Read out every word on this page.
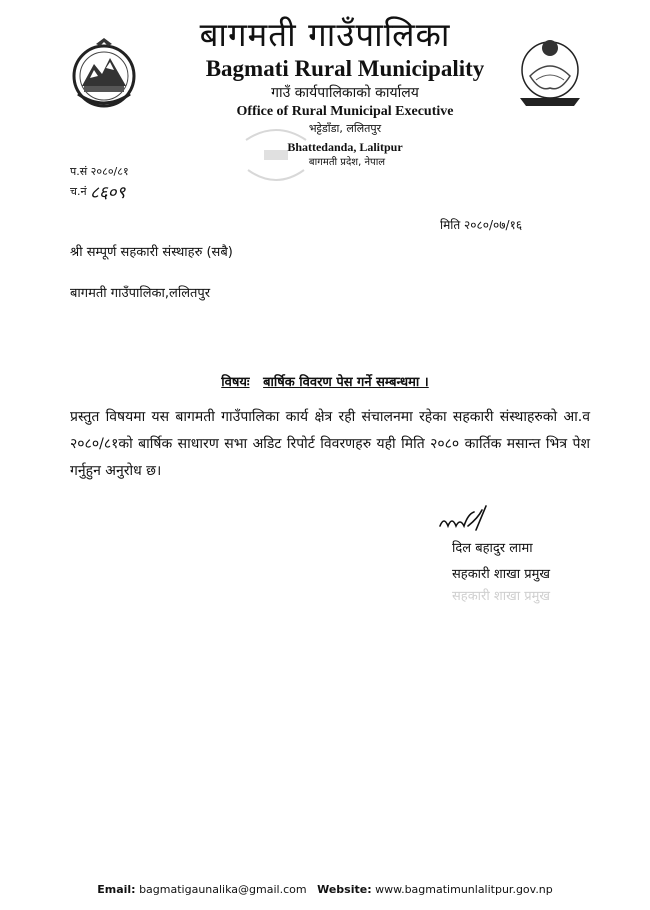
बागमती गाउँपालिका
Bagmati Rural Municipality
गाउँ कार्यपालिकाको कार्यालय
Office of Rural Municipal Executive
भट्टेडाँडा, ललितपुर
Bhattedanda, Lalitpur
बागमती प्रदेश, नेपाल
प.सं २०८०/८१
च.नं ८६०९
मिति २०८०/०७/१६
श्री सम्पूर्ण सहकारी संस्थाहरु (सबै)
बागमती गाउँपालिका,ललितपुर
विषयः बार्षिक विवरण पेस गर्ने सम्बन्धमा ।
प्रस्तुत विषयमा यस बागमती गाउँपालिका कार्य क्षेत्र रही संचालनमा रहेका सहकारी संस्थाहरुको आ.व २०८०/८१को बार्षिक साधारण सभा अडिट रिपोर्ट विवरणहरु यही मिति २०८० कार्तिक मसान्त भित्र पेश गर्नुहुन अनुरोध छ।
दिल बहादुर लामा
सहकारी शाखा प्रमुख
सहकारी शाखा प्रमुख
Email: bagmatigaunalika@gmail.com Website: www.bagmatimunlalitpur.gov.np
